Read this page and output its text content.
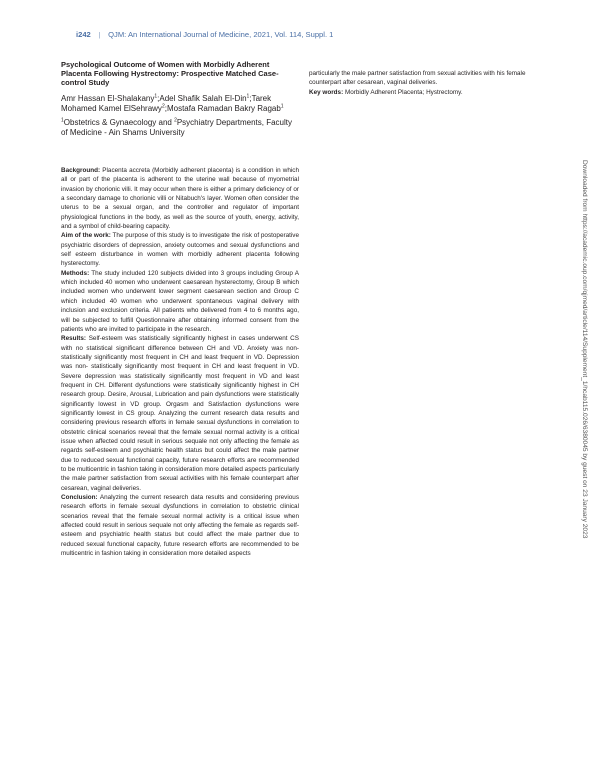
i242 | QJM: An International Journal of Medicine, 2021, Vol. 114, Suppl. 1
Psychological Outcome of Women with Morbidly Adherent Placenta Following Hystrectomy: Prospective Matched Case-control Study
Amr Hassan El-Shalakany$^1$;Adel Shafik Salah El-Din$^1$;Tarek Mohamed Kamel ElSehrawy$^2$;Mostafa Ramadan Bakry Ragab$^1$
$^1$Obstetrics & Gynaecology and $^2$Psychiatry Departments, Faculty of Medicine - Ain Shams University

Background: Placenta accreta (Morbidly adherent placenta) is a condition in which all or part of the placenta is adherent to the uterine wall because of myometrial invasion by chorionic villi. It may occur when there is either a primary deficiency of or a secondary damage to chorionic villi or Nitabuch's layer. Women often consider the uterus to be a sexual organ, and the controller and regulator of important physiological functions in the body, as well as the source of youth, energy, activity, and a symbol of child-bearing capacity.

Aim of the work: The purpose of this study is to investigate the risk of postoperative psychiatric disorders of depression, anxiety outcomes and sexual dysfunctions and self esteem disturbance in women with morbidly adherent placenta following hysterectomy.

Methods: The study included 120 subjects divided into 3 groups including Group A which included 40 women who underwent caesarean hysterectomy, Group B which included women who underwent lower segment caesarean section and Group C which included 40 women who underwent spontaneous vaginal delivery with inclusion and exclusion criteria. All patients who delivered from 4 to 6 months ago, will be subjected to fulfill Questionnaire after obtaining informed consent from the patients who are invited to participate in the research.

Results: Self-esteem was statistically significantly highest in cases underwent CS with no statistical significant difference between CH and VD. Anxiety was non- statistically significantly most frequent in CH and least frequent in VD. Depression was non- statistically significantly most frequent in CH and least frequent in VD. Severe depression was statistically significantly most frequent in VD and least frequent in CH. Different dysfunctions were statistically significantly highest in CH research group. Desire, Arousal, Lubrication and pain dysfunctions were statistically significantly lowest in VD group. Orgasm and Satisfaction dysfunctions were significantly lowest in CS group. Analyzing the current research data results and considering previous research efforts in female sexual dysfunctions in correlation to obstetric clinical scenarios reveal that the female sexual normal activity is a critical issue when affected could result in serious sequale not only affecting the female as regards self-esteem and psychiatric health status but could affect the male partner due to reduced sexual functional capacity, future research efforts are recommended to be multicentric in fashion taking in consideration more detailed aspects particularly the male partner satisfaction from sexual activities with his female counterpart after cesarean, vaginal deliveries.

Conclusion: Analyzing the current research data results and considering previous research efforts in female sexual dysfunctions in correlation to obstetric clinical scenarios reveal that the female sexual normal activity is a critical issue when affected could result in serious sequale not only affecting the female as regards self-esteem and psychiatric health status but could affect the male partner due to reduced sexual functional capacity, future research efforts are recommended to be multicentric in fashion taking in consideration more detailed aspects

particularly the male partner satisfaction from sexual activities with his female counterpart after cesarean, vaginal deliveries.

Key words: Morbidly Adherent Placenta; Hystrectomy.

Downloaded from https://academic.oup.com/qjmed/article/114/Supplement_1/hcab115.026/6380045 by guest on 23 January 2023
